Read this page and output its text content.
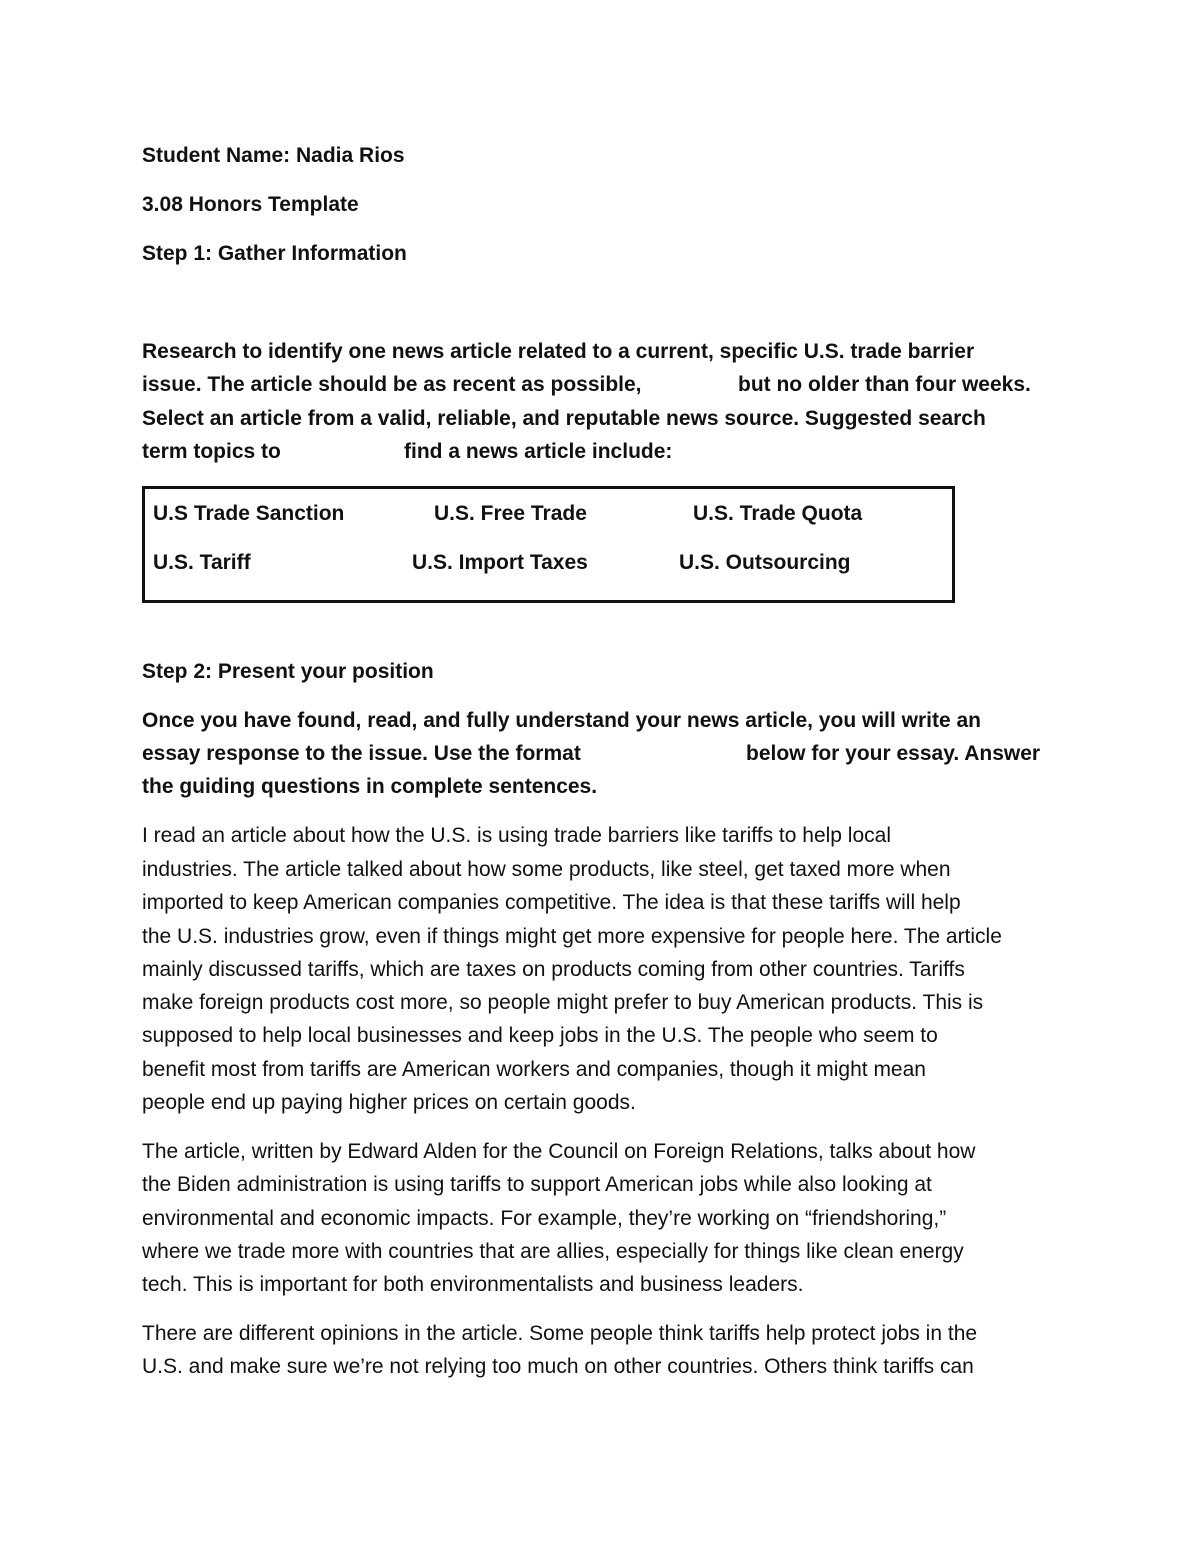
Student Name: Nadia Rios
3.08 Honors Template
Step 1: Gather Information
Research to identify one news article related to a current, specific U.S. trade barrier
issue. The article should be as recent as possible,	but no older than four weeks.
Select an article from a valid, reliable, and reputable news source. Suggested search
term topics to	find a news article include:
U.S Trade Sanction	U.S. Free Trade	U.S. Trade Quota
U.S. Tariff	U.S. Import Taxes	U.S. Outsourcing
Step 2: Present your position
Once you have found, read, and fully understand your news article, you will write an
essay response to the issue. Use the format	below for your essay. Answer
the guiding questions in complete sentences.
I read an article about how the U.S. is using trade barriers like tariffs to help local
industries. The article talked about how some products, like steel, get taxed more when
imported to keep American companies competitive. The idea is that these tariffs will help
the U.S. industries grow, even if things might get more expensive for people here. The article
mainly discussed tariffs, which are taxes on products coming from other countries. Tariffs
make foreign products cost more, so people might prefer to buy American products. This is
supposed to help local businesses and keep jobs in the U.S. The people who seem to
benefit most from tariffs are American workers and companies, though it might mean
people end up paying higher prices on certain goods.
The article, written by Edward Alden for the Council on Foreign Relations, talks about how
the Biden administration is using tariffs to support American jobs while also looking at
environmental and economic impacts. For example, they’re working on “friendshoring,”
where we trade more with countries that are allies, especially for things like clean energy
tech. This is important for both environmentalists and business leaders.
There are different opinions in the article. Some people think tariffs help protect jobs in the
U.S. and make sure we’re not relying too much on other countries. Others think tariffs can
